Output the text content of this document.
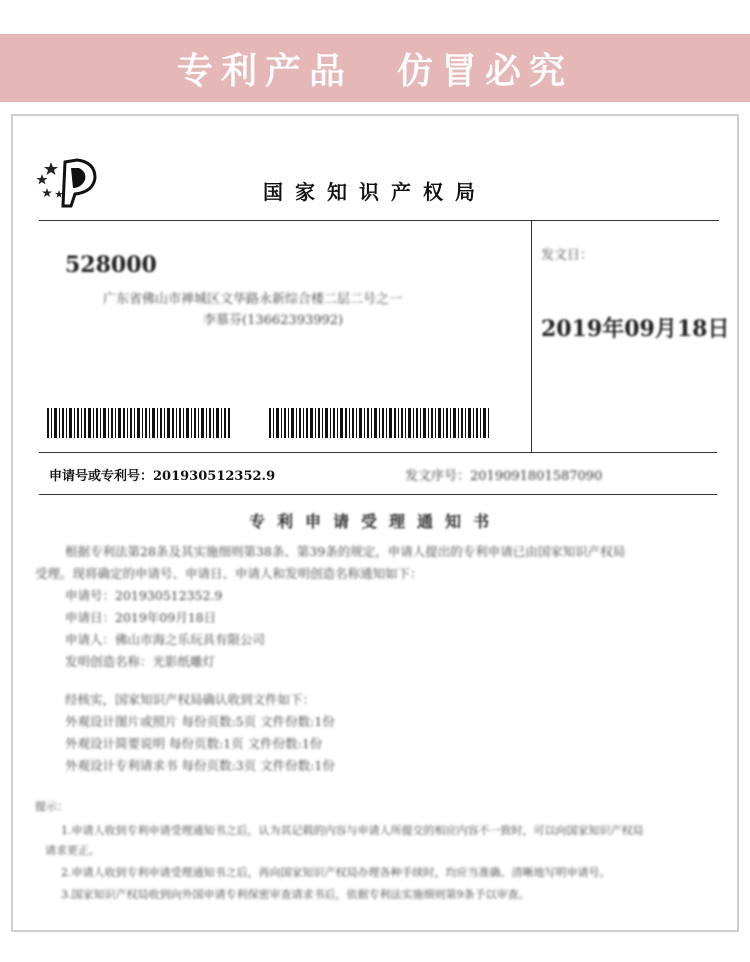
专利产品　仿冒必究
国家知识产权局
528000
广东省佛山市禅城区文华路永新综合楼二层二号之一
李慕芬(13662393992)
发文日：
2019年09月18日
申请号或专利号：201930512352.9	发文序号：2019091801587090
专利申请受理通知书
根据专利法第28条及其实施细则第38条、第39条的规定，申请人提出的专利申请已由国家知识产权局
受理。现将确定的申请号、申请日、申请人和发明创造名称通知如下：
申请号：201930512352.9
申请日：2019年09月18日
申请人：佛山市海之乐玩具有限公司
发明创造名称：光影纸雕灯
经核实，国家知识产权局确认收到文件如下：
外观设计图片或照片 每份页数:5页 文件份数:1份
外观设计简要说明 每份页数:1页 文件份数:1份
外观设计专利请求书 每份页数:3页 文件份数:1份
提示：
1.申请人收到专利申请受理通知书之后，认为其记载的内容与申请人所提交的相应内容不一致时，可以向国家知识产权局
请求更正。
2.申请人收到专利申请受理通知书之后，再向国家知识产权局办理各种手续时，均应当准确、清晰地写明申请号。
3.国家知识产权局收到向外国申请专利保密审查请求书后，依据专利法实施细则第9条予以审查。
